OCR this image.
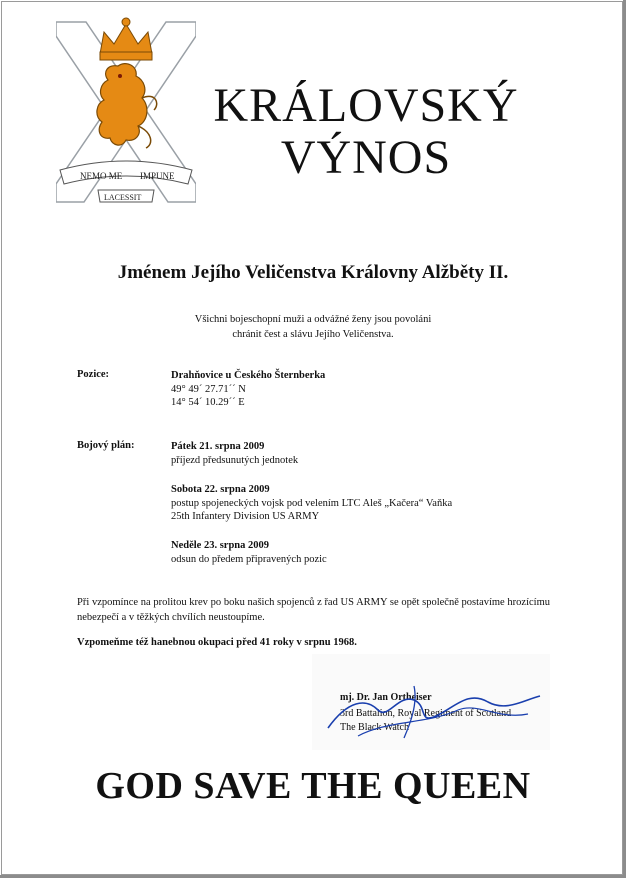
NEMO ME IMPUNE
LACESSIT
KRÁLOVSKÝ
VÝNOS
Jménem Jejího Veličenstva Královny Alžběty II.
Všichni bojeschopní muži a odvážné ženy jsou povoláni
chránit čest a slávu Jejího Veličenstva.
Pozice:	Drahňovice u Českého Šternberka
49° 49´ 27.71´´ N
14° 54´ 10.29´´ E
Bojový plán:	Pátek 21. srpna 2009
příjezd předsunutých jednotek
Sobota 22. srpna 2009
postup spojeneckých vojsk pod velením LTC Aleš „Kačera“ Vaňka
25th Infantery Division US ARMY
Neděle 23. srpna 2009
odsun do předem připravených pozic
Při vzpomínce na prolitou krev po boku našich spojenců z řad US ARMY se opět společně postavíme hrozícímu nebezpečí a v těžkých chvílích neustoupíme.
Vzpomeňme též hanebnou okupaci před 41 roky v srpnu 1968.
mj. Dr. Jan Ortheiser
3rd Battalion, Royal Regiment of Scotland
The Black Watch
GOD SAVE THE QUEEN
